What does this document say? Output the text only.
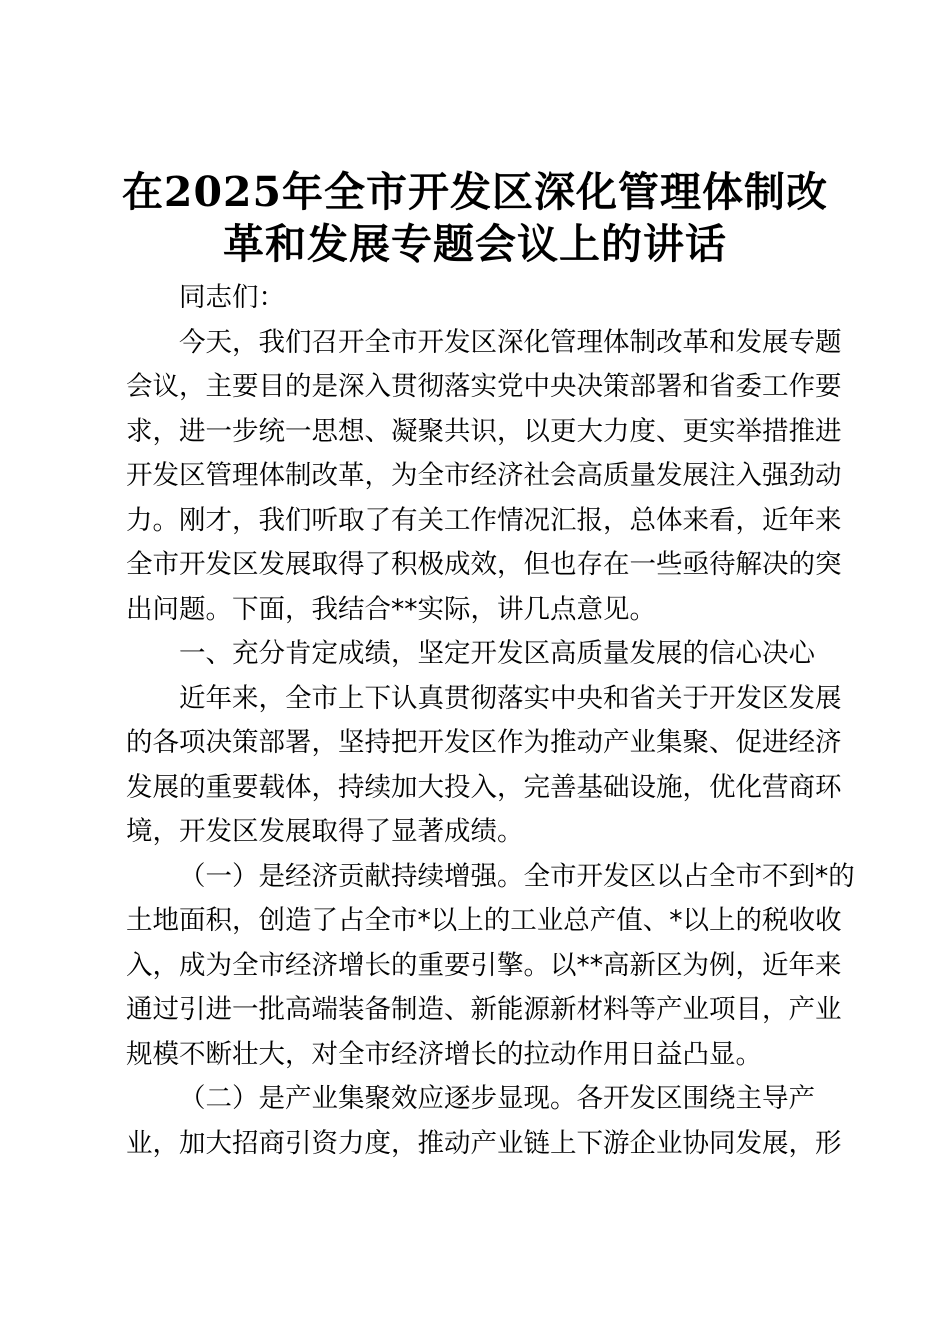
在2025年全市开发区深化管理体制改
革和发展专题会议上的讲话
同志们：
今天，我们召开全市开发区深化管理体制改革和发展专题
会议，主要目的是深入贯彻落实党中央决策部署和省委工作要
求，进一步统一思想、凝聚共识，以更大力度、更实举措推进
开发区管理体制改革，为全市经济社会高质量发展注入强劲动
力。刚才，我们听取了有关工作情况汇报，总体来看，近年来
全市开发区发展取得了积极成效，但也存在一些亟待解决的突
出问题。下面，我结合**实际，讲几点意见。
一、充分肯定成绩，坚定开发区高质量发展的信心决心
近年来，全市上下认真贯彻落实中央和省关于开发区发展
的各项决策部署，坚持把开发区作为推动产业集聚、促进经济
发展的重要载体，持续加大投入，完善基础设施，优化营商环
境，开发区发展取得了显著成绩。
（一）是经济贡献持续增强。全市开发区以占全市不到*的
土地面积，创造了占全市*以上的工业总产值、*以上的税收收
入，成为全市经济增长的重要引擎。以**高新区为例，近年来
通过引进一批高端装备制造、新能源新材料等产业项目，产业
规模不断壮大，对全市经济增长的拉动作用日益凸显。
（二）是产业集聚效应逐步显现。各开发区围绕主导产
业，加大招商引资力度，推动产业链上下游企业协同发展，形
